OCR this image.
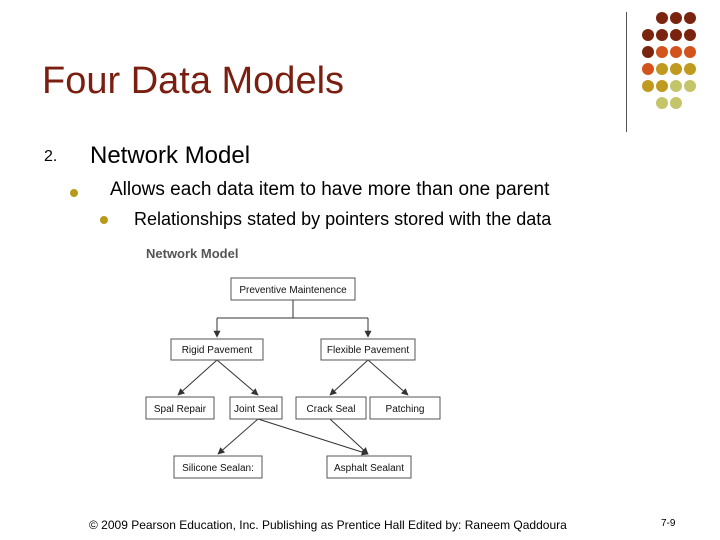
Four Data Models
2. Network Model
Allows each data item to have more than one parent
Relationships stated by pointers stored with the data
Network Model
Preventive Maintenence
Rigid Pavement	Flexible Pavement
Spal Repair	Joint Seal	Crack Seal	Patching
Silicone Sealan:	Asphalt Sealant
© 2009 Pearson Education, Inc. Publishing as Prentice Hall Edited by: Raneem Qaddoura	7-9
